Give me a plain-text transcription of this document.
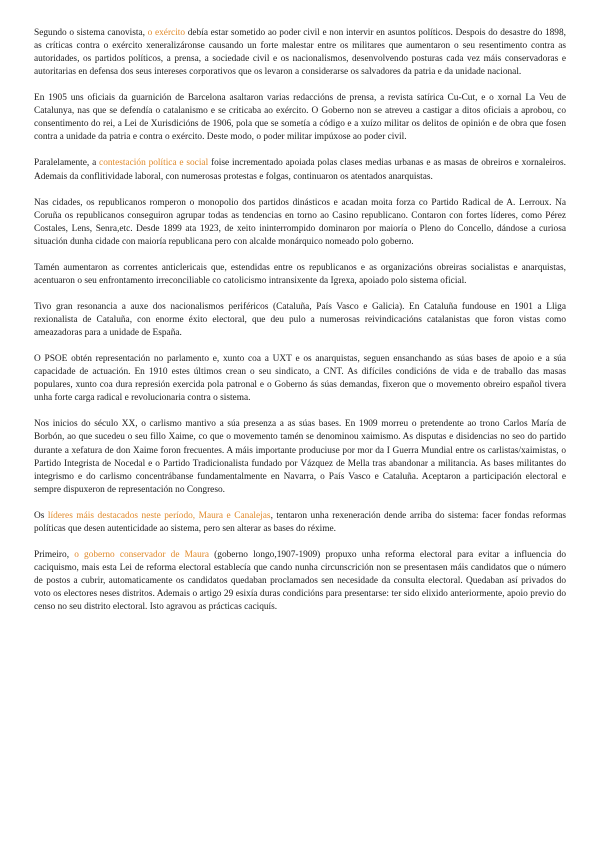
Segundo o sistema canovista, o exército debía estar sometido ao poder civil e non intervir en asuntos políticos. Despois do desastre do 1898, as críticas contra o exército xeneralizáronse causando un forte malestar entre os militares que aumentaron o seu resentimento contra as autoridades, os partidos políticos, a prensa, a sociedade civil e os nacionalismos, desenvolvendo posturas cada vez máis conservadoras e autoritarias en defensa dos seus intereses corporativos que os levaron a considerarse os salvadores da patria e da unidade nacional.

En 1905 uns oficiais da guarnición de Barcelona asaltaron varias redaccións de prensa, a revista satírica Cu-Cut, e o xornal La Veu de Catalunya, nas que se defendía o catalanismo e se criticaba ao exército. O Goberno non se atreveu a castigar a ditos oficiais a aprobou, co consentimento do rei, a Lei de Xurisdicións de 1906, pola que se sometía a código e a xuízo militar os delitos de opinión e de obra que fosen contra a unidade da patria e contra o exército. Deste modo, o poder militar impúxose ao poder civil.

Paralelamente, a contestación política e social foise incrementado apoiada polas clases medias urbanas e as masas de obreiros e xornaleiros. Ademais da conflitividade laboral, con numerosas protestas e folgas, continuaron os atentados anarquistas.

Nas cidades, os republicanos romperon o monopolio dos partidos dinásticos e acadan moita forza co Partido Radical de A. Lerroux. Na Coruña os republicanos conseguiron agrupar todas as tendencias en torno ao Casino republicano. Contaron con fortes líderes, como Pérez Costales, Lens, Senra,etc. Desde 1899 ata 1923, de xeito ininterrompido dominaron por maioría o Pleno do Concello, dándose a curiosa situación dunha cidade con maioría republicana pero con alcalde monárquico nomeado polo goberno.

Tamén aumentaron as correntes anticlericais que, estendidas entre os republicanos e as organizacións obreiras socialistas e anarquistas, acentuaron o seu enfrontamento irreconciliable co catolicismo intransixente da Igrexa, apoiado polo sistema oficial.

Tivo gran resonancia a auxe dos nacionalismos periféricos (Cataluña, País Vasco e Galicia). En Cataluña fundouse en 1901 a Lliga rexionalista de Cataluña, con enorme éxito electoral, que deu pulo a numerosas reivindicacións catalanistas que foron vistas como ameazadoras para a unidade de España.

O PSOE obtén representación no parlamento e, xunto coa a UXT e os anarquistas, seguen ensanchando as súas bases de apoio e a súa capacidade de actuación. En 1910 estes últimos crean o seu sindicato, a CNT. As difíciles condicións de vida e de traballo das masas populares, xunto coa dura represión exercida pola patronal e o Goberno ás súas demandas, fixeron que o movemento obreiro español tivera unha forte carga radical e revolucionaria contra o sistema.

Nos inicios do século XX, o carlismo mantivo a súa presenza a as súas bases. En 1909 morreu o pretendente ao trono Carlos María de Borbón, ao que sucedeu o seu fillo Xaime, co que o movemento tamén se denominou xaimismo. As disputas e disidencias no seo do partido durante a xefatura de don Xaime foron frecuentes. A máis importante produciuse por mor da I Guerra Mundial entre os carlistas/xaimistas, o Partido Integrista de Nocedal e o Partido Tradicionalista fundado por Vázquez de Mella tras abandonar a militancia. As bases militantes do integrismo e do carlismo concentrábanse fundamentalmente en Navarra, o País Vasco e Cataluña. Aceptaron a participación electoral e sempre dispuxeron de representación no Congreso.

Os líderes máis destacados neste período, Maura e Canalejas, tentaron unha rexeneración dende arriba do sistema: facer fondas reformas políticas que desen autenticidade ao sistema, pero sen alterar as bases do réxime.

Primeiro, o goberno conservador de Maura (goberno longo,1907-1909) propuxo unha reforma electoral para evitar a influencia do caciquismo, mais esta Lei de reforma electoral establecía que cando nunha circunscrición non se presentasen máis candidatos que o número de postos a cubrir, automaticamente os candidatos quedaban proclamados sen necesidade da consulta electoral. Quedaban así privados do voto os electores neses distritos. Ademais o artigo 29 esixía duras condicións para presentarse: ter sido elixido anteriormente, apoio previo do censo no seu distrito electoral. Isto agravou as prácticas caciquís.
